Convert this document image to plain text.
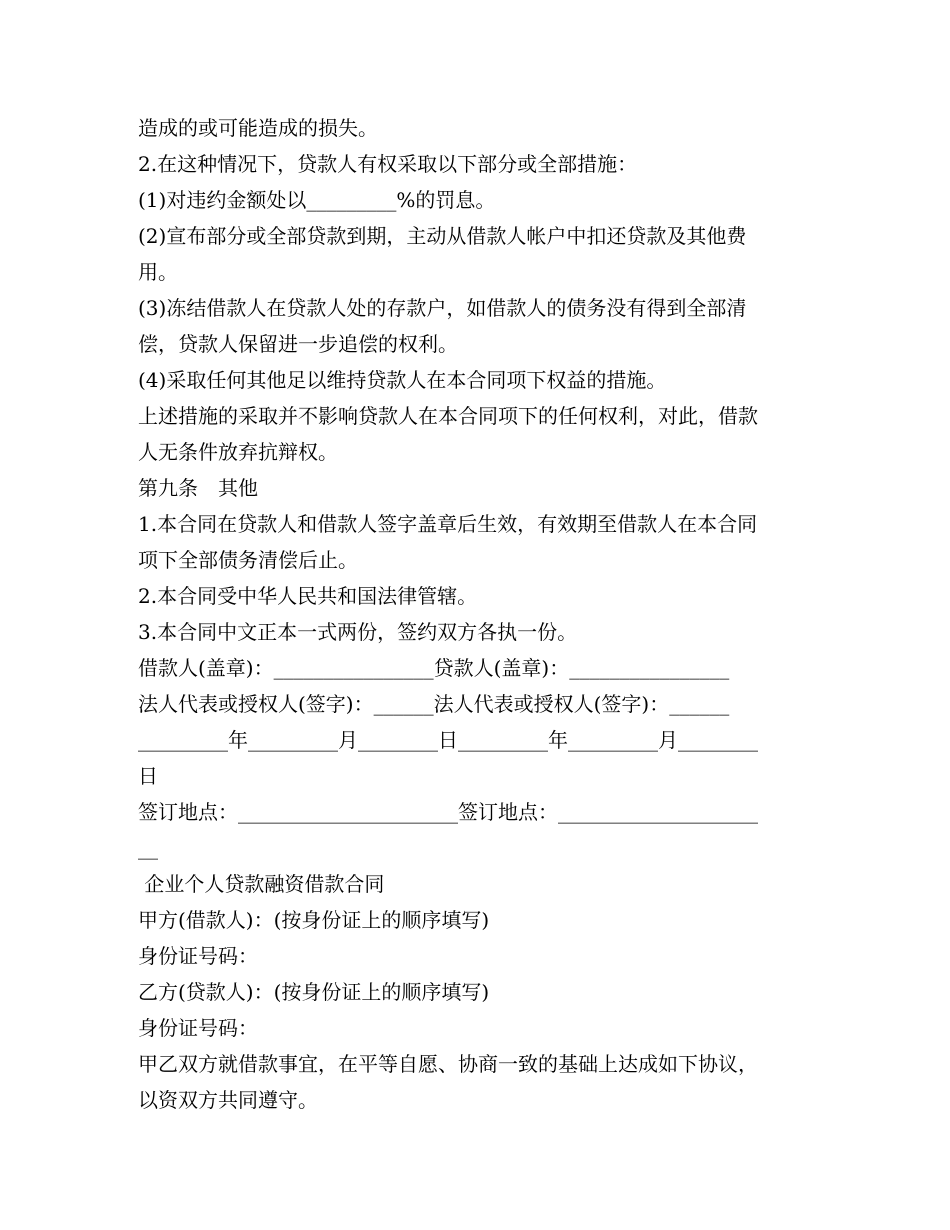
造成的或可能造成的损失。
2.在这种情况下，贷款人有权采取以下部分或全部措施：
(1)对违约金额处以_________%的罚息。
(2)宣布部分或全部贷款到期，主动从借款人帐户中扣还贷款及其他费
用。
(3)冻结借款人在贷款人处的存款户，如借款人的债务没有得到全部清
偿，贷款人保留进一步追偿的权利。
(4)采取任何其他足以维持贷款人在本合同项下权益的措施。
上述措施的采取并不影响贷款人在本合同项下的任何权利，对此，借款
人无条件放弃抗辩权。
第九条　其他
1.本合同在贷款人和借款人签字盖章后生效，有效期至借款人在本合同
项下全部债务清偿后止。
2.本合同受中华人民共和国法律管辖。
3.本合同中文正本一式两份，签约双方各执一份。
借款人(盖章)：________________贷款人(盖章)：________________
法人代表或授权人(签字)：______法人代表或授权人(签字)：______
_________年_________月________日_________年_________月________
日
签订地点：______________________签订地点：____________________
__
企业个人贷款融资借款合同
甲方(借款人)：(按身份证上的顺序填写)
身份证号码：
乙方(贷款人)：(按身份证上的顺序填写)
身份证号码：
甲乙双方就借款事宜，在平等自愿、协商一致的基础上达成如下协议，
以资双方共同遵守。
